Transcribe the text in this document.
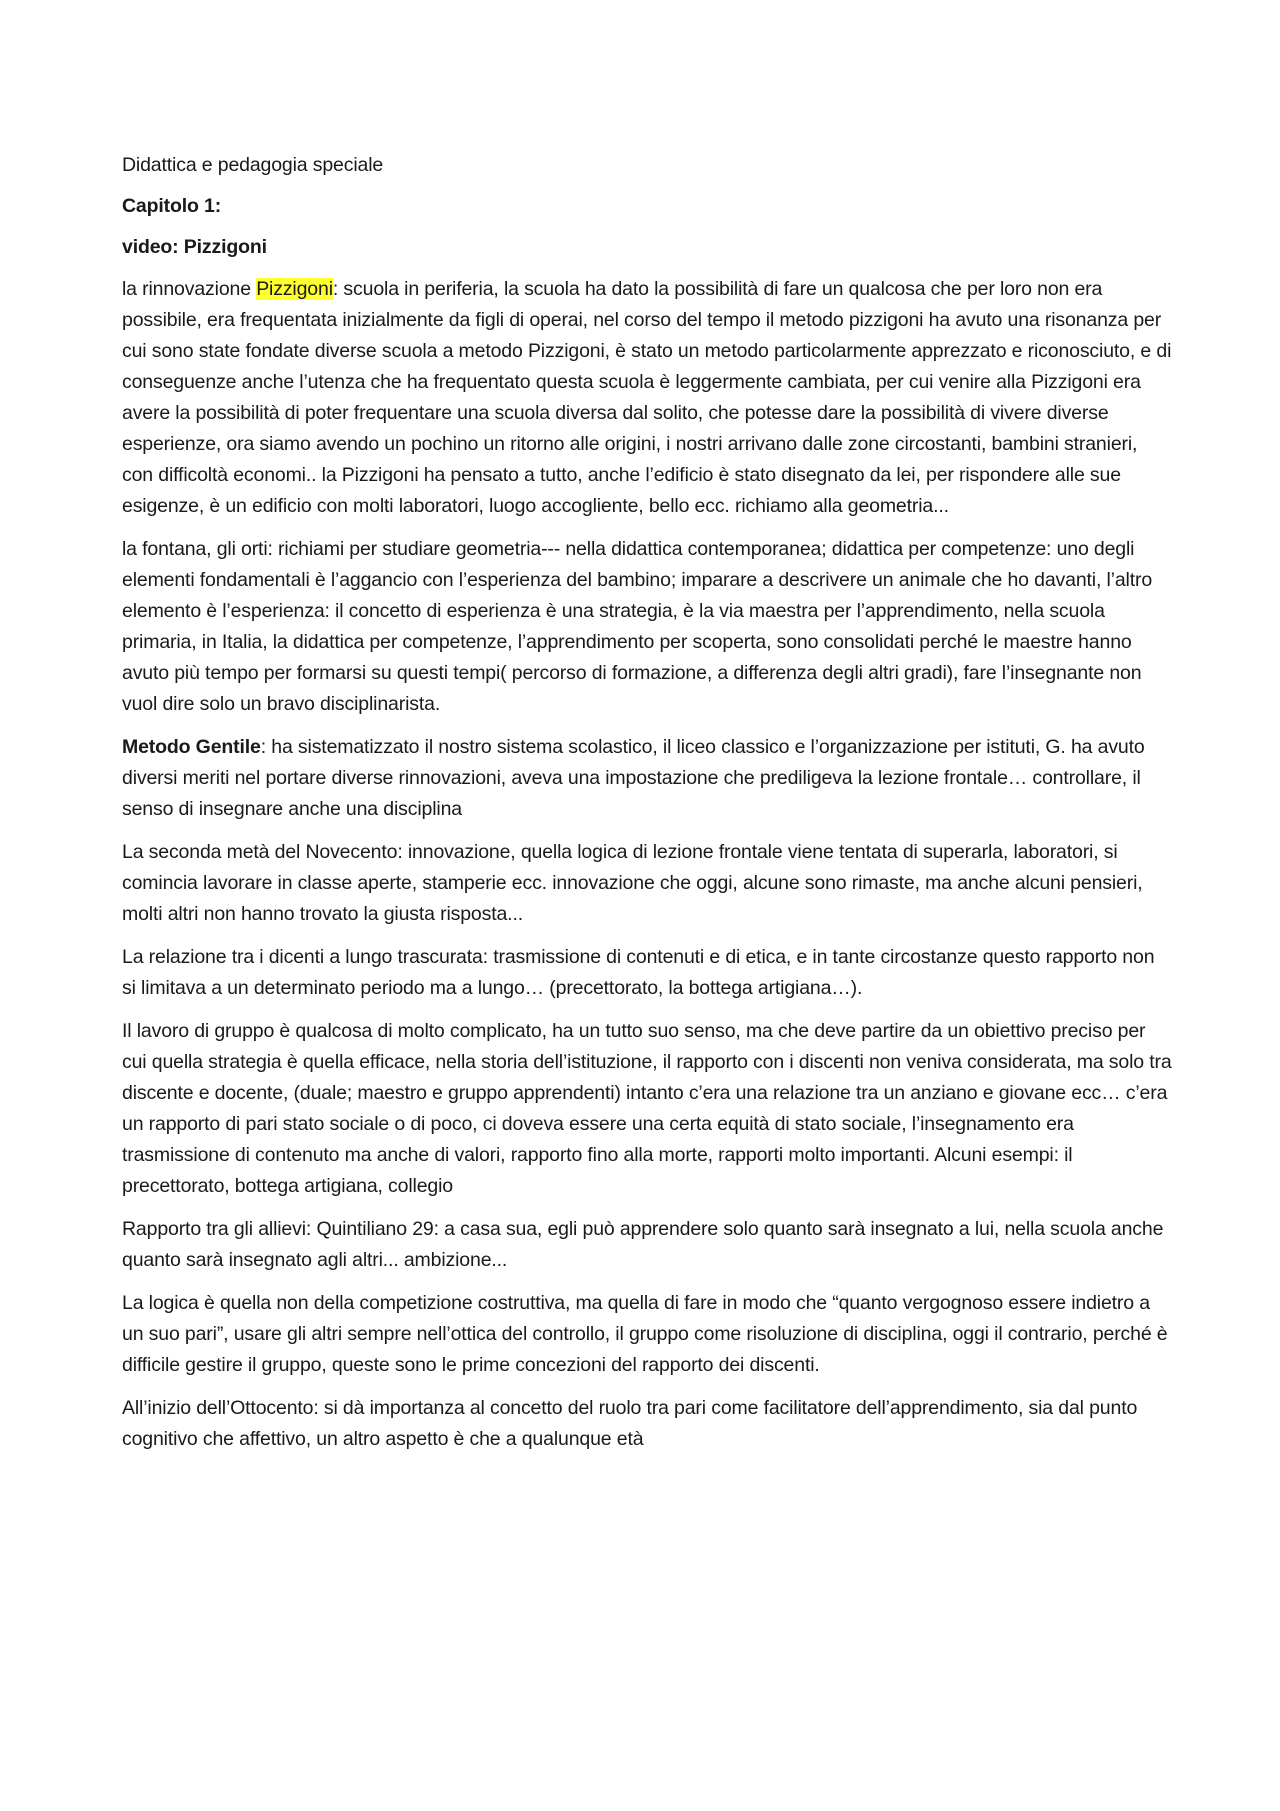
Didattica e pedagogia speciale

Capitolo 1:

video: Pizzigoni

la rinnovazione Pizzigoni: scuola in periferia, la scuola ha dato la possibilità di fare un qualcosa che per loro non era possibile, era frequentata inizialmente da figli di operai, nel corso del tempo il metodo pizzigoni ha avuto una risonanza per cui sono state fondate diverse scuola a metodo Pizzigoni, è stato un metodo particolarmente apprezzato e riconosciuto, e di conseguenze anche l’utenza che ha frequentato questa scuola è leggermente cambiata, per cui venire alla Pizzigoni era avere la possibilità di poter frequentare una scuola diversa dal solito, che potesse dare la possibilità di vivere diverse esperienze, ora siamo avendo un pochino un ritorno alle origini, i nostri arrivano dalle zone circostanti, bambini stranieri, con difficoltà economi.. la Pizzigoni ha pensato a tutto, anche l’edificio è stato disegnato da lei, per rispondere alle sue esigenze, è un edificio con molti laboratori, luogo accogliente, bello ecc. richiamo alla geometria...

la fontana, gli orti: richiami per studiare geometria--- nella didattica contemporanea; didattica per competenze: uno degli elementi fondamentali è l’aggancio con l’esperienza del bambino; imparare a descrivere un animale che ho davanti, l’altro elemento è l’esperienza: il concetto di esperienza è una strategia, è la via maestra per l’apprendimento, nella scuola primaria, in Italia, la didattica per competenze, l’apprendimento per scoperta, sono consolidati perché le maestre hanno avuto più tempo per formarsi su questi tempi( percorso di formazione, a differenza degli altri gradi), fare l’insegnante non vuol dire solo un bravo disciplinarista.

Metodo Gentile: ha sistematizzato il nostro sistema scolastico, il liceo classico e l’organizzazione per istituti, G. ha avuto diversi meriti nel portare diverse rinnovazioni, aveva una impostazione che prediligeva la lezione frontale… controllare, il senso di insegnare anche una disciplina

La seconda metà del Novecento: innovazione, quella logica di lezione frontale viene tentata di superarla, laboratori, si comincia lavorare in classe aperte, stamperie ecc. innovazione che oggi, alcune sono rimaste, ma anche alcuni pensieri, molti altri non hanno trovato la giusta risposta...

La relazione tra i dicenti a lungo trascurata: trasmissione di contenuti e di etica, e in tante circostanze questo rapporto non si limitava a un determinato periodo ma a lungo… (precettorato, la bottega artigiana…).

Il lavoro di gruppo è qualcosa di molto complicato, ha un tutto suo senso, ma che deve partire da un obiettivo preciso per cui quella strategia è quella efficace, nella storia dell’istituzione, il rapporto con i discenti non veniva considerata, ma solo tra discente e docente, (duale; maestro e gruppo apprendenti) intanto c’era una relazione tra un anziano e giovane ecc… c’era un rapporto di pari stato sociale o di poco, ci doveva essere una certa equità di stato sociale, l’insegnamento era trasmissione di contenuto ma anche di valori, rapporto fino alla morte, rapporti molto importanti. Alcuni esempi: il precettorato, bottega artigiana, collegio

Rapporto tra gli allievi: Quintiliano 29: a casa sua, egli può apprendere solo quanto sarà insegnato a lui, nella scuola anche quanto sarà insegnato agli altri... ambizione...

La logica è quella non della competizione costruttiva, ma quella di fare in modo che “quanto vergognoso essere indietro a un suo pari”, usare gli altri sempre nell’ottica del controllo, il gruppo come risoluzione di disciplina, oggi il contrario, perché è difficile gestire il gruppo, queste sono le prime concezioni del rapporto dei discenti.

All’inizio dell’Ottocento: si dà importanza al concetto del ruolo tra pari come facilitatore dell’apprendimento, sia dal punto cognitivo che affettivo, un altro aspetto è che a qualunque età
